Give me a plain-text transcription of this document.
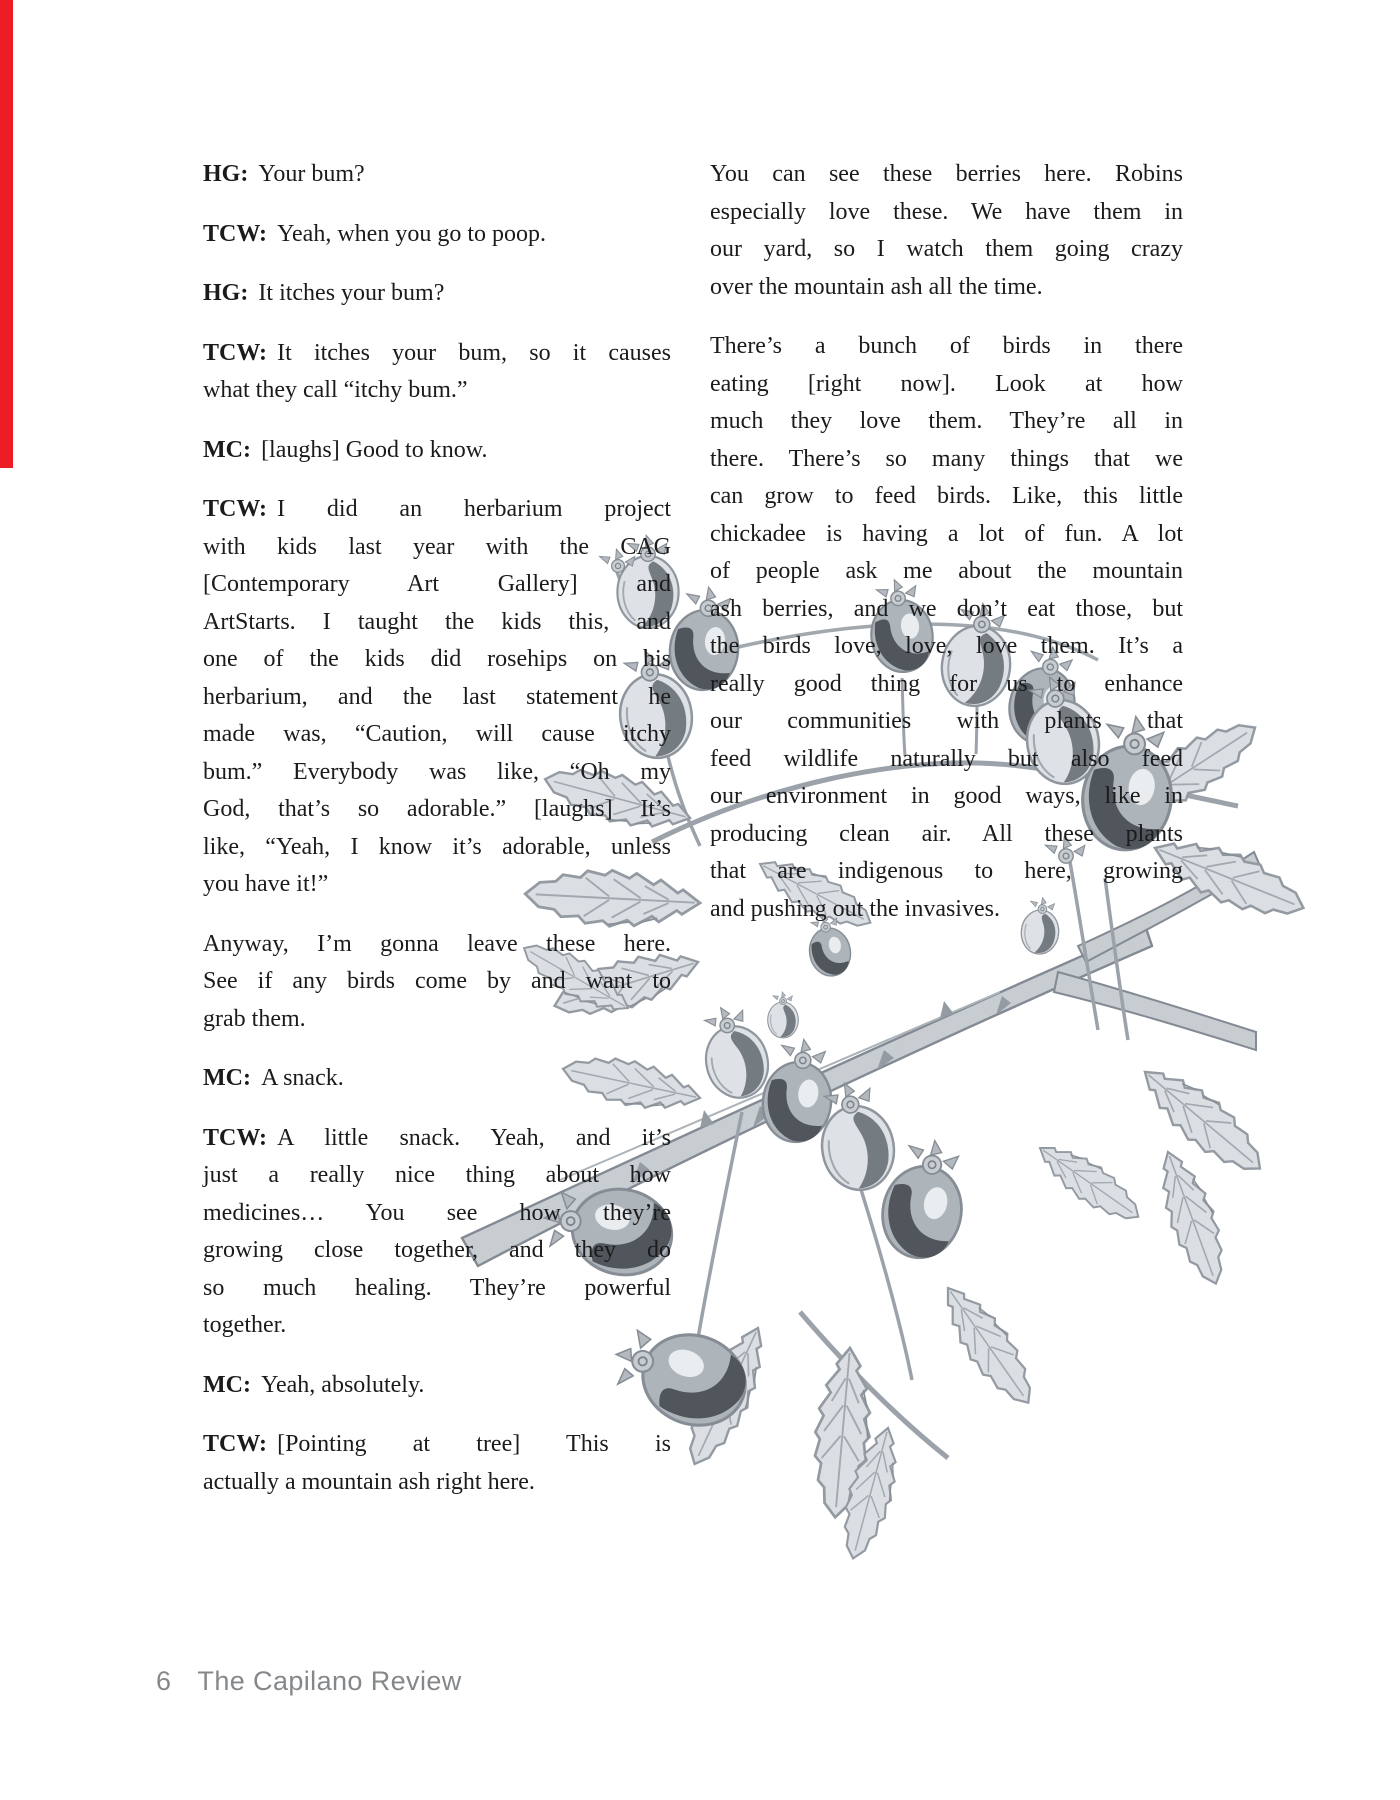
HG: Your bum?
TCW: Yeah, when you go to poop.
HG: It itches your bum?
TCW: It itches your bum, so it causes
what they call “itchy bum.”
MC: [laughs] Good to know.
TCW: I did an herbarium project
with kids last year with the CAG
[Contemporary Art Gallery] and
ArtStarts. I taught the kids this, and
one of the kids did rosehips on his
herbarium, and the last statement he
made was, “Caution, will cause itchy
bum.” Everybody was like, “Oh my
God, that’s so adorable.” [laughs] It’s
like, “Yeah, I know it’s adorable, unless
you have it!”
Anyway, I’m gonna leave these here.
See if any birds come by and want to
grab them.
MC: A snack.
TCW: A little snack. Yeah, and it’s
just a really nice thing about how
medicines… You see how they’re
growing close together, and they do
so much healing. They’re powerful
together.
MC: Yeah, absolutely.
TCW: [Pointing at tree] This is
actually a mountain ash right here.
You can see these berries here. Robins
especially love these. We have them in
our yard, so I watch them going crazy
over the mountain ash all the time.
There’s a bunch of birds in there
eating [right now]. Look at how
much they love them. They’re all in
there. There’s so many things that we
can grow to feed birds. Like, this little
chickadee is having a lot of fun. A lot
of people ask me about the mountain
ash berries, and we don’t eat those, but
the birds love, love, love them. It’s a
really good thing for us to enhance
our communities with plants that
feed wildlife naturally but also feed
our environment in good ways, like in
producing clean air. All these plants
that are indigenous to here, growing
and pushing out the invasives.
6 The Capilano Review
